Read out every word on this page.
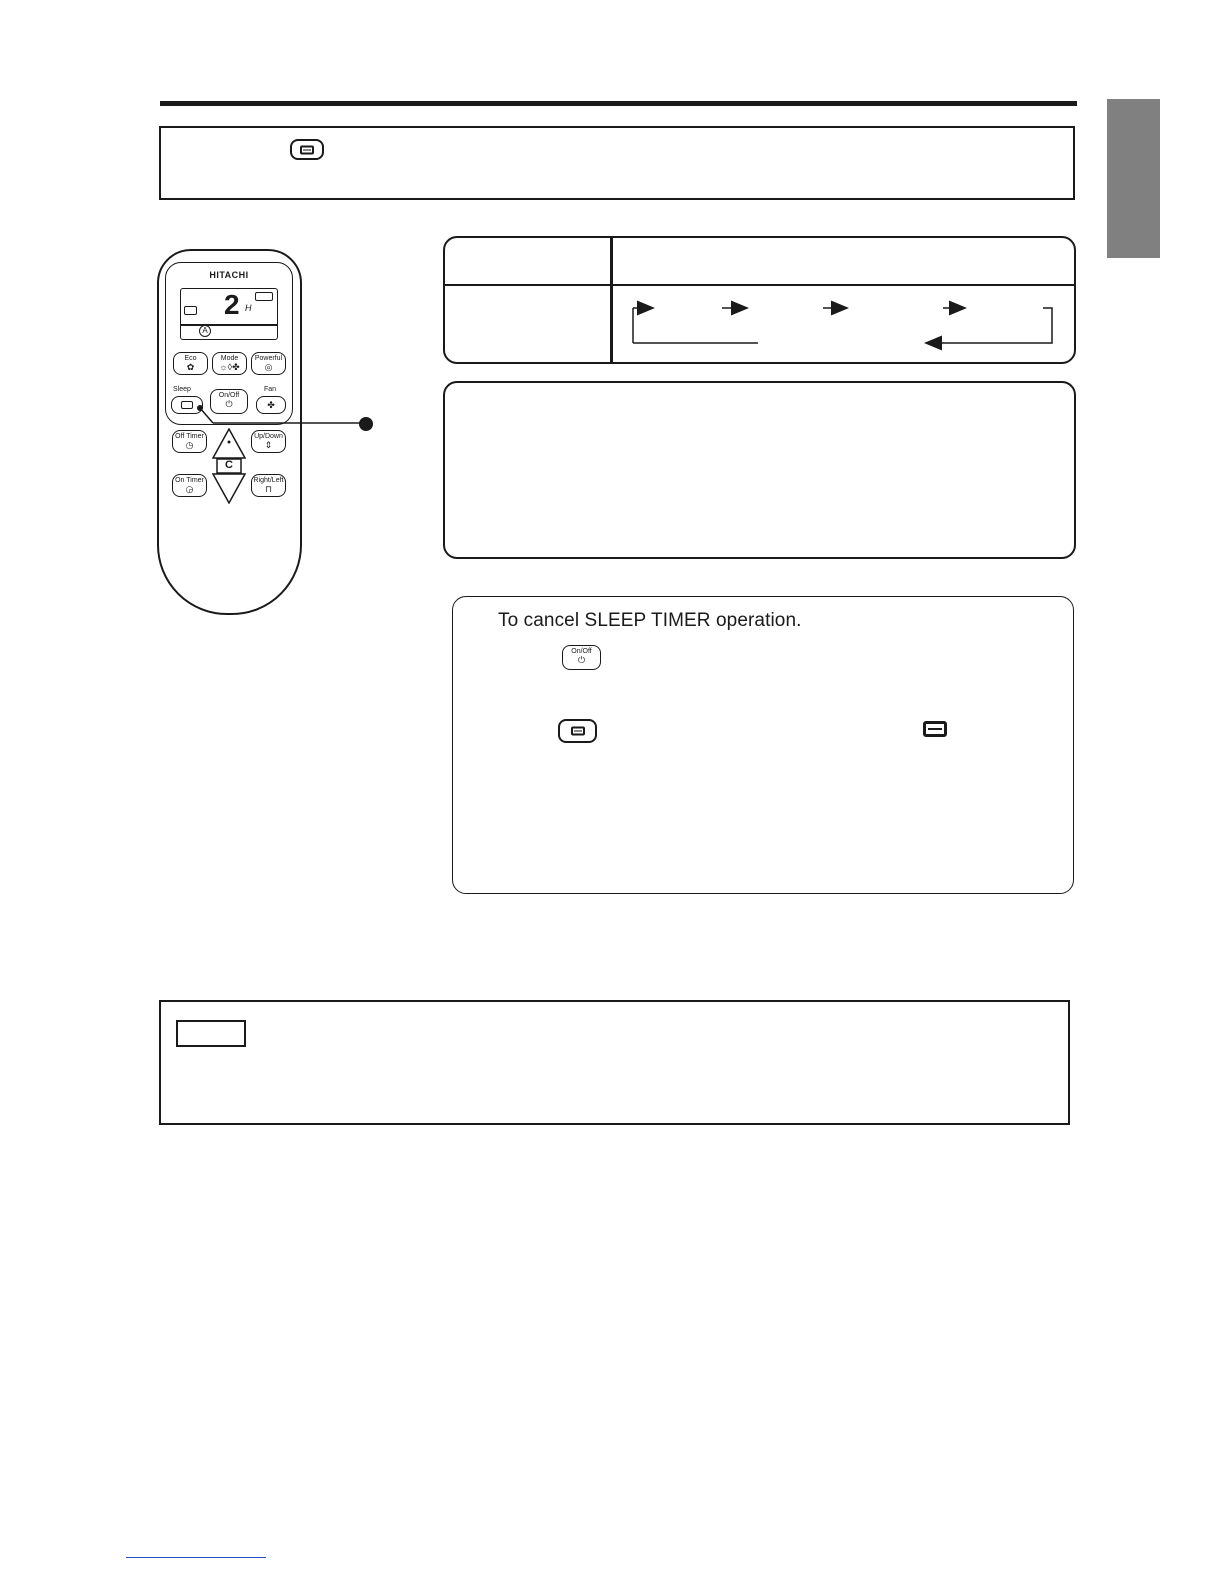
HITACHI
2 H
A
Eco
✿
Mode
☼◊✤
Powerful
◎
Sleep
On/Off
⏻
Fan
✤
Off Timer
◷
Up/Down
⇕
On Timer
◶
Right/Left
⊓
C
To cancel SLEEP TIMER operation.
On/Off
⏻
